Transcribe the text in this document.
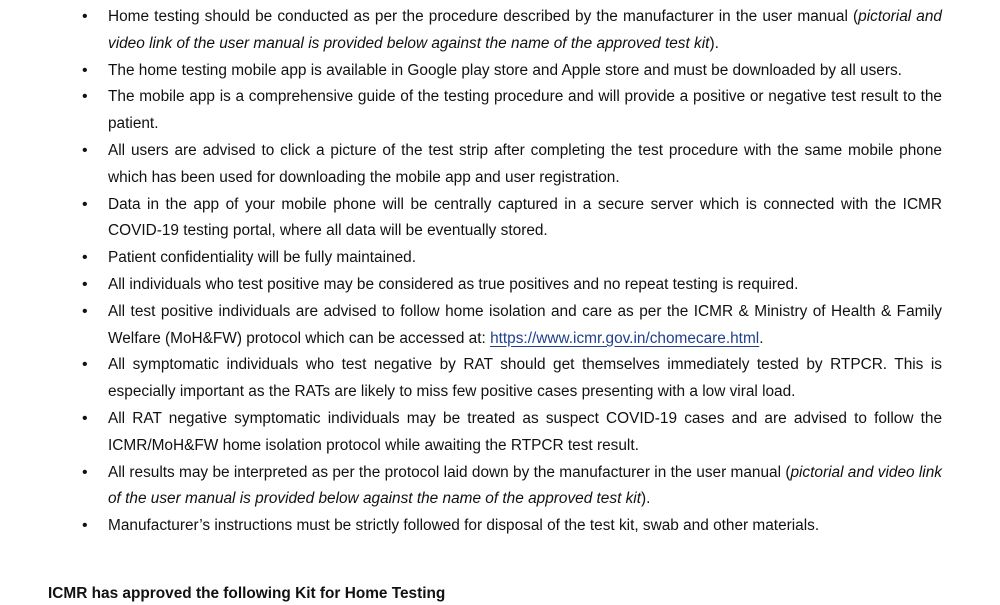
• Home testing should be conducted as per the procedure described by the manufacturer in the user manual (pictorial and video link of the user manual is provided below against the name of the approved test kit).
• The home testing mobile app is available in Google play store and Apple store and must be downloaded by all users.
• The mobile app is a comprehensive guide of the testing procedure and will provide a positive or negative test result to the patient.
• All users are advised to click a picture of the test strip after completing the test procedure with the same mobile phone which has been used for downloading the mobile app and user registration.
• Data in the app of your mobile phone will be centrally captured in a secure server which is connected with the ICMR COVID-19 testing portal, where all data will be eventually stored.
• Patient confidentiality will be fully maintained.
• All individuals who test positive may be considered as true positives and no repeat testing is required.
• All test positive individuals are advised to follow home isolation and care as per the ICMR & Ministry of Health & Family Welfare (MoH&FW) protocol which can be accessed at: https://www.icmr.gov.in/chomecare.html.
• All symptomatic individuals who test negative by RAT should get themselves immediately tested by RTPCR. This is especially important as the RATs are likely to miss few positive cases presenting with a low viral load.
• All RAT negative symptomatic individuals may be treated as suspect COVID-19 cases and are advised to follow the ICMR/MoH&FW home isolation protocol while awaiting the RTPCR test result.
• All results may be interpreted as per the protocol laid down by the manufacturer in the user manual (pictorial and video link of the user manual is provided below against the name of the approved test kit).
• Manufacturer’s instructions must be strictly followed for disposal of the test kit, swab and other materials.

ICMR has approved the following Kit for Home Testing
